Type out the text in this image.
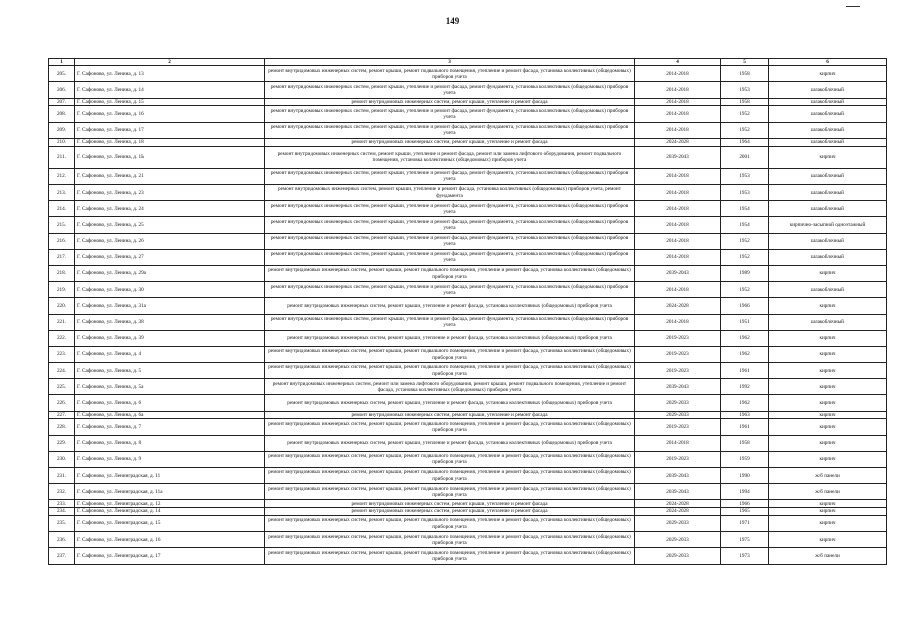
149
1	2	3	4	5	6
205.	Г. Сафоново, ул. Ленина, д. 13	ремонт внутридомовых инженерных систем, ремонт крыши, ремонт подвального помещения, утепление и ремонт фасада, установка коллективных (общедомовых) приборов учета	2014-2018	1958	кирпич
206.	Г. Сафоново, ул. Ленина, д. 14	ремонт внутридомовых инженерных систем, ремонт крыши, утепление и ремонт фасада, ремонт фундамента, установка коллективных (общедомовых) приборов учета	2014-2018	1953	шлакоблочный
207.	Г. Сафоново, ул. Ленина, д. 15	ремонт внутридомовых инженерных систем, ремонт крыши, утепление и ремонт фасада	2014-2018	1958	шлакоблочный
208.	Г. Сафоново, ул. Ленина, д. 16	ремонт внутридомовых инженерных систем, ремонт крыши, утепление и ремонт фасада, ремонт фундамента, установка коллективных (общедомовых) приборов учета	2014-2018	1952	шлакоблочный
209.	Г. Сафоново, ул. Ленина, д. 17	ремонт внутридомовых инженерных систем, ремонт крыши, утепление и ремонт фасада, ремонт фундамента, установка коллективных (общедомовых) приборов учета	2014-2018	1952	шлакоблочный
210.	Г. Сафоново, ул. Ленина, д. 18	ремонт внутридомовых инженерных систем, ремонт крыши, утепление и ремонт фасада	2024-2028	1964	шлакоблочный
211.	Г. Сафоново, ул. Ленина, д. 1Ь	ремонт внутридомовых инженерных систем, ремонт крыши, утепление и ремонт фасада, ремонт или замена лифтового оборудования, ремонт подвального помещения, установка коллективных (общедомовых) приборов учета	2039-2043	2001	кирпич
212.	Г. Сафоново, ул. Ленина, д. 21	ремонт внутридомовых инженерных систем, ремонт крыши, утепление и ремонт фасада, ремонт фундамента, установка коллективных (общедомовых) приборов учета	2014-2018	1953	шлакоблочный
213.	Г. Сафоново, ул. Ленина, д. 23	ремонт внутридомовых инженерных систем, ремонт крыши, утепление и ремонт фасада, установка коллективных (общедомовых) приборов учета, ремонт фундамента	2014-2018	1953	шлакоблочный
214.	Г. Сафоново, ул. Ленина, д. 24	ремонт внутридомовых инженерных систем, ремонт крыши, утепление и ремонт фасада, ремонт фундамента, установка коллективных (общедомовых) приборов учета	2014-2018	1954	шлакоблочный
215.	Г. Сафоново, ул. Ленина, д. 25	ремонт внутридомовых инженерных систем, ремонт крыши, утепление и ремонт фасада, ремонт фундамента, установка коллективных (общедомовых) приборов учета	2014-2018	1954	кирпично-засыпной одноэтажный
216.	Г. Сафоново, ул. Ленина, д. 26	ремонт внутридомовых инженерных систем, ремонт крыши, утепление и ремонт фасада, ремонт фундамента, установка коллективных (общедомовых) приборов учета	2014-2018	1952	шлакоблочный
217.	Г. Сафоново, ул. Ленина, д. 27	ремонт внутридомовых инженерных систем, ремонт крыши, утепление и ремонт фасада, ремонт фундамента, установка коллективных (общедомовых) приборов учета	2014-2018	1952	шлакоблочный
218.	Г. Сафоново, ул. Ленина, д. 29а	ремонт внутридомовых инженерных систем, ремонт крыши, ремонт подвального помещения, утепление и ремонт фасада, установка коллективных (общедомовых) приборов учета	2039-2043	1989	кирпич
219.	Г. Сафоново, ул. Ленина, д. 30	ремонт внутридомовых инженерных систем, ремонт крыши, утепление и ремонт фасада, ремонт фундамента, установка коллективных (общедомовых) приборов учета	2014-2018	1952	шлакоблочный
220.	Г. Сафоново, ул. Ленина, д. 31а	ремонт внутридомовых инженерных систем, ремонт крыши, утепление и ремонт фасада, установка коллективных (общедомовых) приборов учета	2024-2028	1966	кирпич
221.	Г. Сафоново, ул. Ленина, д. 38	ремонт внутридомовых инженерных систем, ремонт крыши, утепление и ремонт фасада, ремонт фундамента, установка коллективных (общедомовых) приборов учета	2014-2018	1951	шлакоблочный
222.	Г. Сафоново, ул. Ленина, д. 39	ремонт внутридомовых инженерных систем, ремонт крыши, утепление и ремонт фасада, установка коллективных (общедомовых) приборов учета	2019-2023	1962	кирпич
223.	Г. Сафоново, ул. Ленина, д. 4	ремонт внутридомовых инженерных систем, ремонт крыши, ремонт подвального помещения, утепление и ремонт фасада, установка коллективных (общедомовых) приборов учета	2019-2023	1962	кирпич
224.	Г. Сафоново, ул. Ленина, д. 5	ремонт внутридомовых инженерных систем, ремонт крыши, ремонт подвального помещения, утепление и ремонт фасада, установка коллективных (общедомовых) приборов учета	2019-2023	1961	кирпич
225.	Г. Сафоново, ул. Ленина, д. 5а	ремонт внутридомовых инженерных систем, ремонт или замена лифтового оборудования, ремонт крыши, ремонт подвального помещения, утепление и ремонт фасада, установка коллективных (общедомовых) приборов учета	2039-2043	1992	кирпич
226.	Г. Сафоново, ул. Ленина, д. 6	ремонт внутридомовых инженерных систем, ремонт крыши, утепление и ремонт фасада, установка коллективных (общедомовых) приборов учета	2029-2033	1962	кирпич
227.	Г. Сафоново, ул. Ленина, д. 6а	ремонт внутридомовых инженерных систем, ремонт крыши, утепление и ремонт фасада	2029-2033	1963	кирпич
228.	Г. Сафоново, ул. Ленина, д. 7	ремонт внутридомовых инженерных систем, ремонт крыши, ремонт подвального помещения, утепление и ремонт фасада, установка коллективных (общедомовых) приборов учета	2019-2023	1961	кирпич
229.	Г. Сафоново, ул. Ленина, д. 8	ремонт внутридомовых инженерных систем, ремонт крыши, утепление и ремонт фасада, установка коллективных (общедомовых) приборов учета	2014-2018	1958	кирпич
230.	Г. Сафоново, ул. Ленина, д. 9	ремонт внутридомовых инженерных систем, ремонт крыши, ремонт подвального помещения, утепление и ремонт фасада, установка коллективных (общедомовых) приборов учета	2019-2023	1959	кирпич
231.	Г. Сафоново, ул. Ленинградская, д. 11	ремонт внутридомовых инженерных систем, ремонт крыши, ремонт подвального помещения, утепление и ремонт фасада, установка коллективных (общедомовых) приборов учета	2039-2043	1990	ж/б панели
232.	Г. Сафоново, ул. Ленинградская, д. 11а	ремонт внутридомовых инженерных систем, ремонт крыши, ремонт подвального помещения, утепление и ремонт фасада, установка коллективных (общедомовых) приборов учета	2039-2043	1994	ж/б панели
233.	Г. Сафоново, ул. Ленинградская, д. 12	ремонт внутридомовых инженерных систем, ремонт крыши, утепление и ремонт фасада	2024-2028	1966	кирпич
234.	Г. Сафоново, ул. Ленинградская, д. 14	ремонт внутридомовых инженерных систем, ремонт крыши, утепление и ремонт фасада	2024-2028	1965	кирпич
235.	Г. Сафоново, ул. Ленинградская, д. 15	ремонт внутридомовых инженерных систем, ремонт крыши, ремонт подвального помещения, утепление и ремонт фасада, установка коллективных (общедомовых) приборов учета	2029-2033	1971	кирпич
236.	Г. Сафоново, ул. Ленинградская, д. 16	ремонт внутридомовых инженерных систем, ремонт крыши, ремонт подвального помещения, утепление и ремонт фасада, установка коллективных (общедомовых) приборов учета	2029-2033	1975	кирпич
237.	Г. Сафоново, ул. Ленинградская, д. 17	ремонт внутридомовых инженерных систем, ремонт крыши, ремонт подвального помещения, утепление и ремонт фасада, установка коллективных (общедомовых) приборов учета	2029-2033	1973	ж/б панели
